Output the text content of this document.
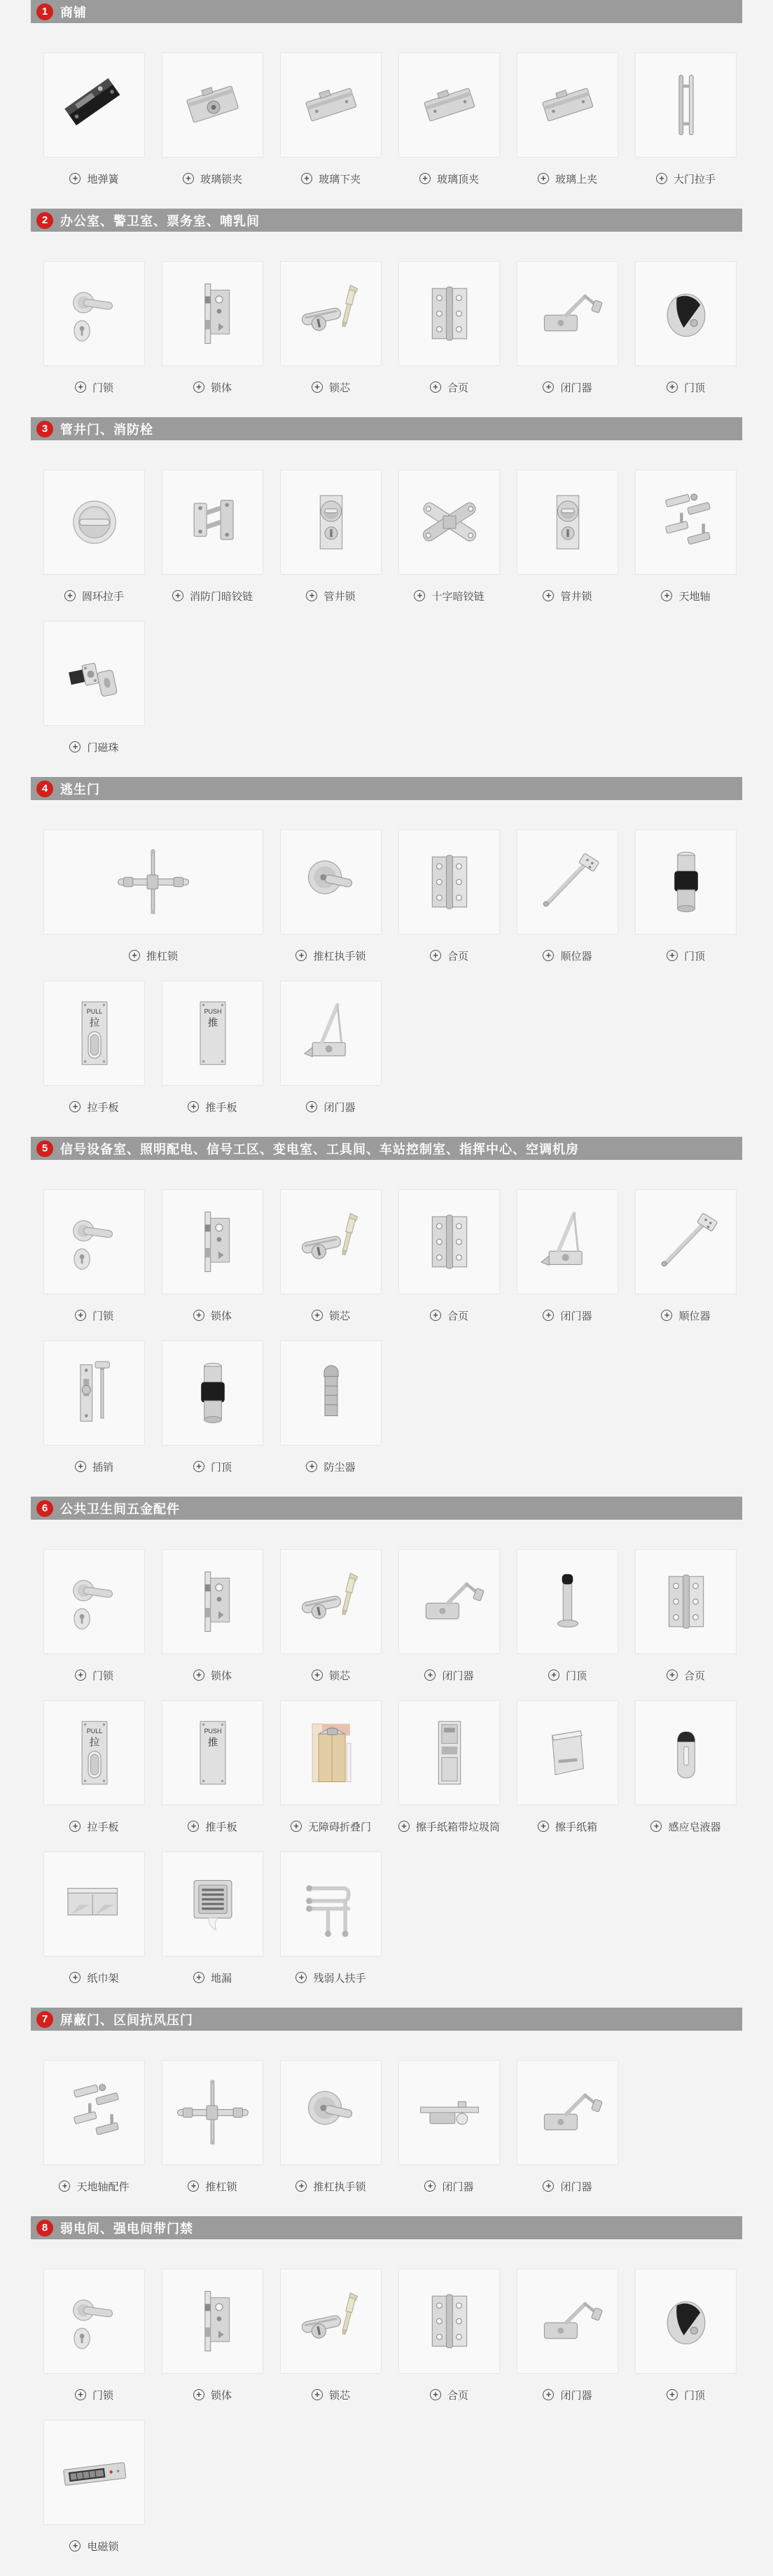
1 商铺
+ 地弹簧	+ 玻璃锁夹	+ 玻璃下夹	+ 玻璃顶夹	+ 玻璃上夹	+ 大门拉手
2 办公室、警卫室、票务室、哺乳间
+ 门锁	+ 锁体	+ 锁芯	+ 合页	+ 闭门器	+ 门顶
3 管井门、消防栓
+ 圆环拉手	+ 消防门暗铰链	+ 管井锁	+ 十字暗铰链	+ 管井锁	+ 天地轴
+ 门磁珠
4 逃生门
+ 推杠锁	+ 推杠执手锁	+ 合页	+ 顺位器	+ 门顶
PULL
拉
+ 拉手板
PUSH
推
+ 推手板	+ 闭门器
5 信号设备室、照明配电、信号工区、变电室、工具间、车站控制室、指挥中心、空调机房
+ 门锁	+ 锁体	+ 锁芯	+ 合页	+ 闭门器	+ 顺位器
+ 插销	+ 门顶	+ 防尘器
6 公共卫生间五金配件
+ 门锁	+ 锁体	+ 锁芯	+ 闭门器	+ 门顶	+ 合页
PULL
拉
+ 拉手板
PUSH
推
+ 推手板	+ 无障碍折叠门	+ 擦手纸箱带垃圾筒	+ 擦手纸箱	+ 感应皂液器
+ 纸巾架	+ 地漏	+ 残弱人扶手
7 屏蔽门、区间抗风压门
+ 天地轴配件	+ 推杠锁	+ 推杠执手锁	+ 闭门器	+ 闭门器
8 弱电间、强电间带门禁
+ 门锁	+ 锁体	+ 锁芯	+ 合页	+ 闭门器	+ 门顶
+ 电磁锁
